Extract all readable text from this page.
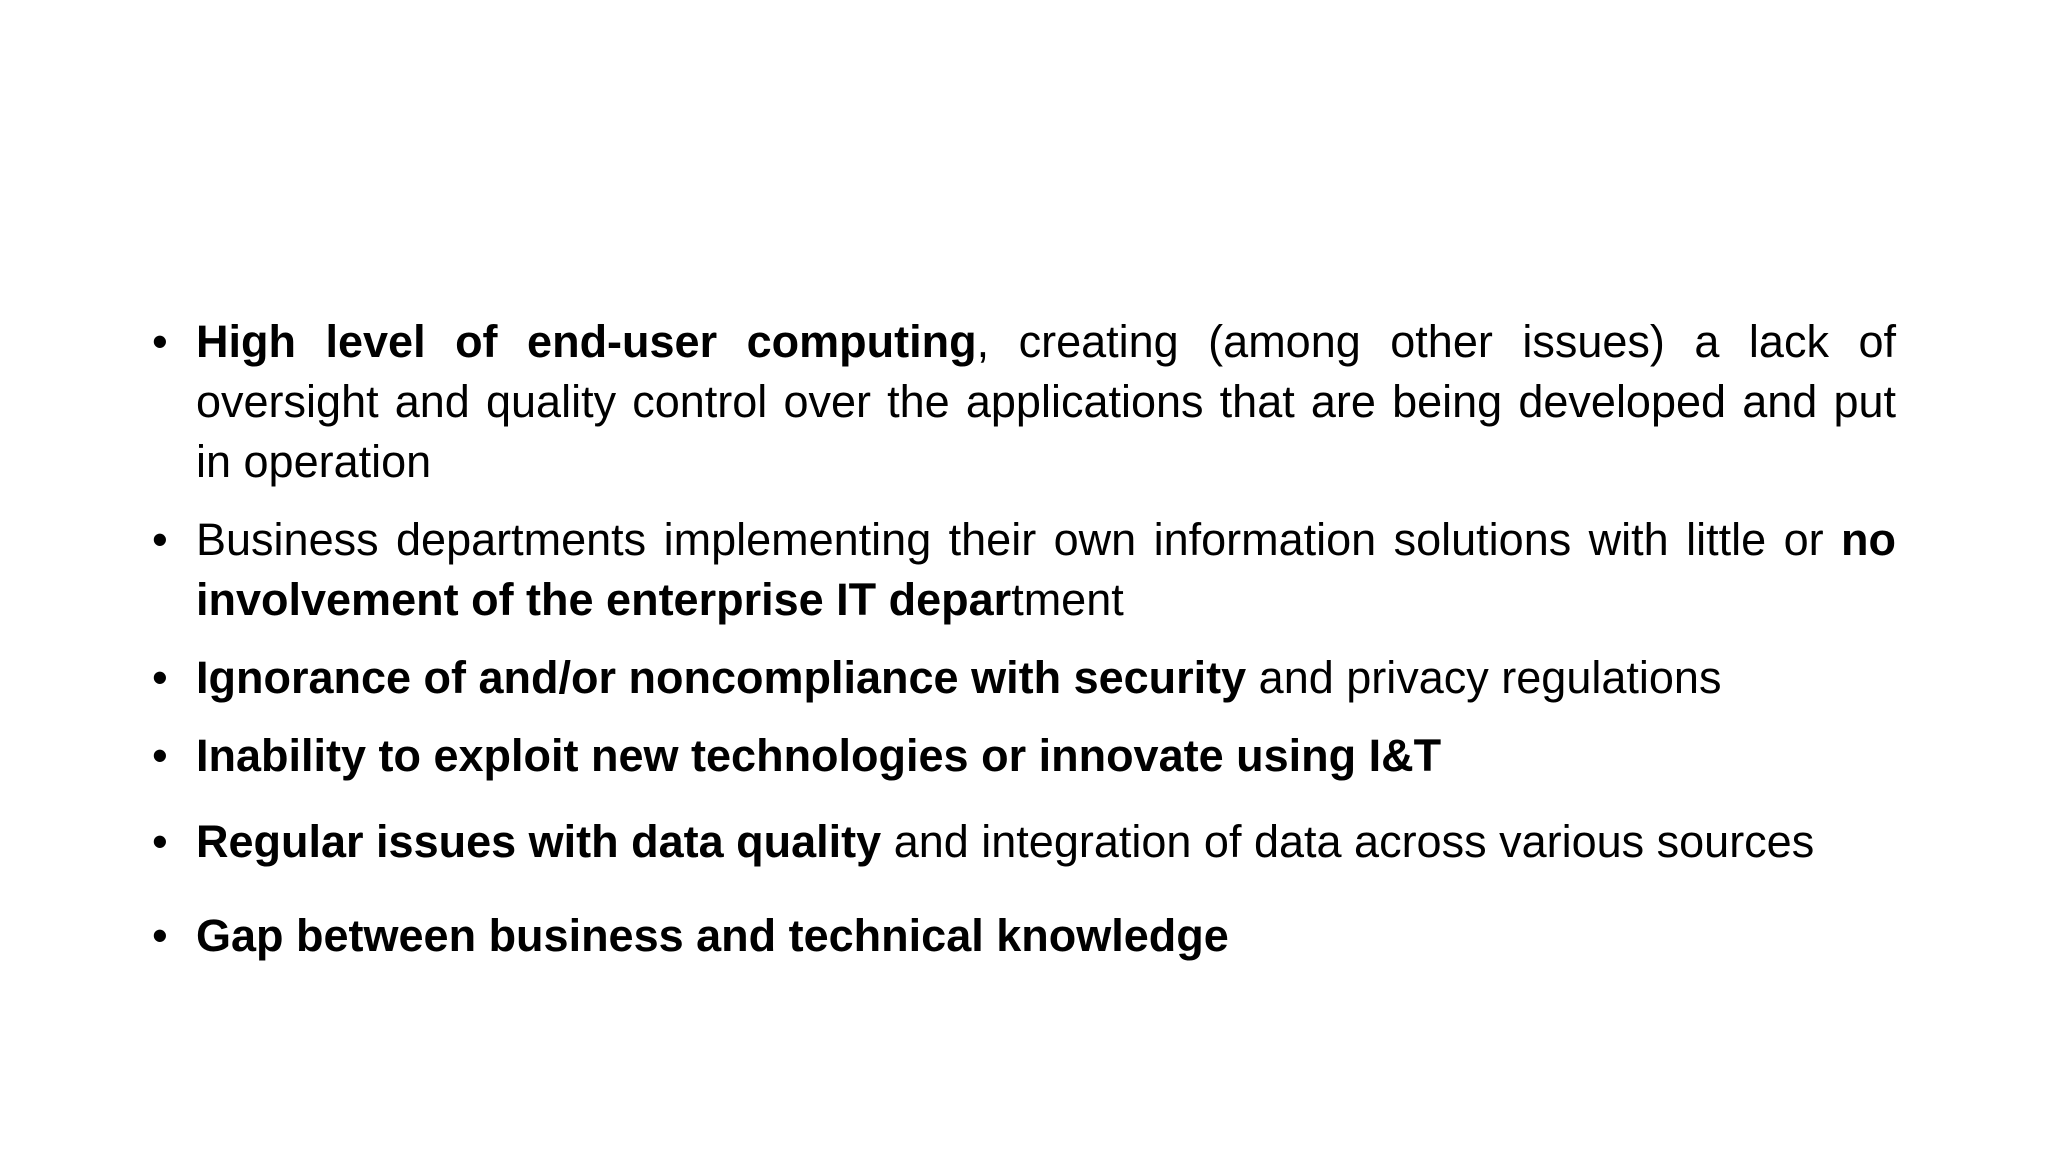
• High level of end-user computing, creating (among other issues) a lack of oversight and quality control over the applications that are being developed and put in operation
• Business departments implementing their own information solutions with little or no involvement of the enterprise IT department
• Ignorance of and/or noncompliance with security and privacy regulations
• Inability to exploit new technologies or innovate using I&T
• Regular issues with data quality and integration of data across various sources
• Gap between business and technical knowledge
